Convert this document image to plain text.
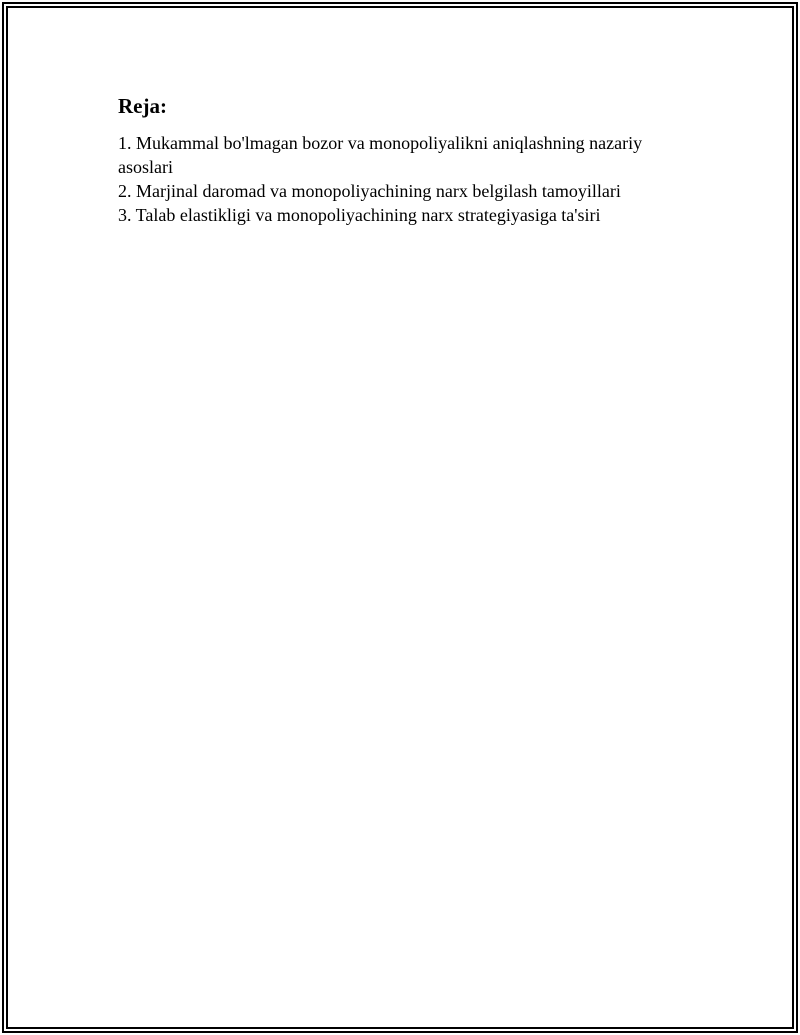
Reja:
1. Mukammal bo'lmagan bozor va monopoliyalikni aniqlashning nazariy asoslari
2. Marjinal daromad va monopoliyachining narx belgilash tamoyillari
3. Talab elastikligi va monopoliyachining narx strategiyasiga ta'siri
